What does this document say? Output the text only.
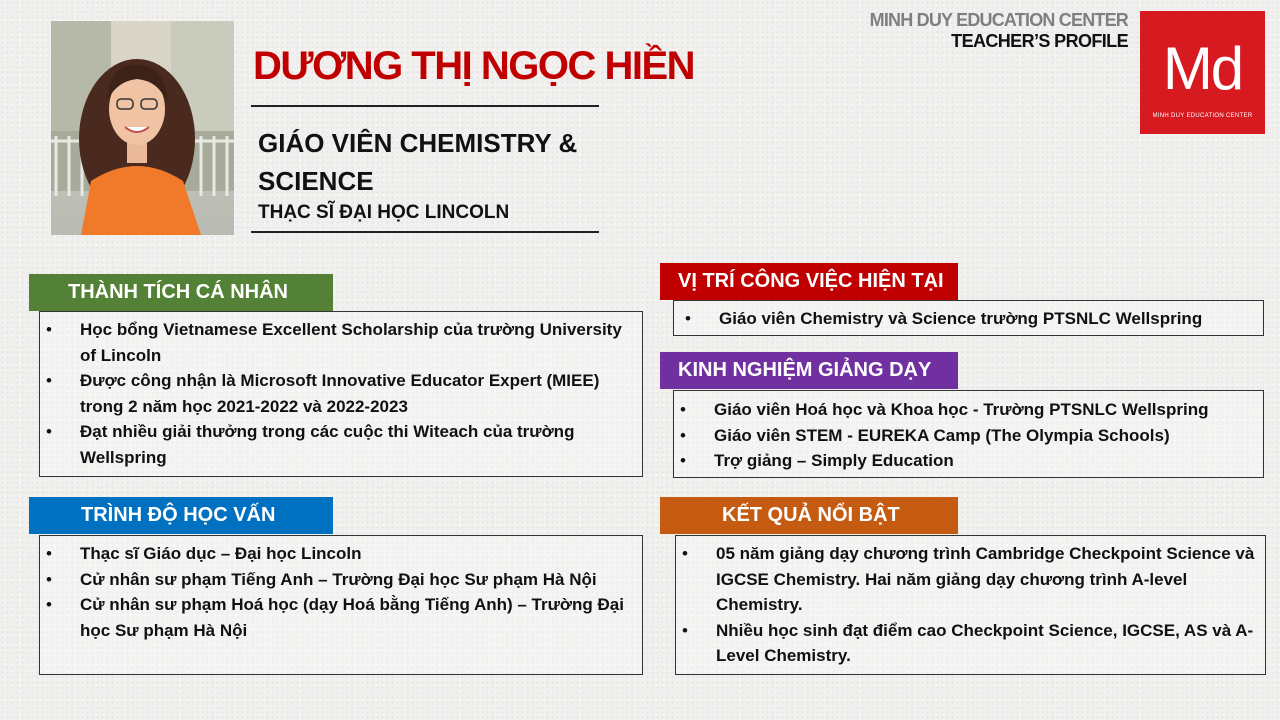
DƯƠNG THỊ NGỌC HIỀN
GIÁO VIÊN CHEMISTRY & SCIENCE
THẠC SĨ ĐẠI HỌC LINCOLN
MINH DUY EDUCATION CENTER
TEACHER’S PROFILE Md
MINH DUY EDUCATION CENTER
THÀNH TÍCH CÁ NHÂN
• Học bổng Vietnamese Excellent Scholarship của trường University of Lincoln
• Được công nhận là Microsoft Innovative Educator Expert (MIEE) trong 2 năm học 2021-2022 và 2022-2023
• Đạt nhiều giải thưởng trong các cuộc thi Witeach của trường Wellspring
TRÌNH ĐỘ HỌC VẤN
• Thạc sĩ Giáo dục – Đại học Lincoln
• Cử nhân sư phạm Tiếng Anh – Trường Đại học Sư phạm Hà Nội
• Cử nhân sư phạm Hoá học (dạy Hoá bằng Tiếng Anh) – Trường Đại học Sư phạm Hà Nội
VỊ TRÍ CÔNG VIỆC HIỆN TẠI
• Giáo viên Chemistry và Science trường PTSNLC Wellspring
KINH NGHIỆM GIẢNG DẠY
• Giáo viên Hoá học và Khoa học - Trường PTSNLC Wellspring
• Giáo viên STEM - EUREKA Camp (The Olympia Schools)
• Trợ giảng – Simply Education
KẾT QUẢ NỔI BẬT
• 05 năm giảng dạy chương trình Cambridge Checkpoint Science và IGCSE Chemistry. Hai năm giảng dạy chương trình A-level Chemistry.
• Nhiều học sinh đạt điểm cao Checkpoint Science, IGCSE, AS và A-Level Chemistry.
